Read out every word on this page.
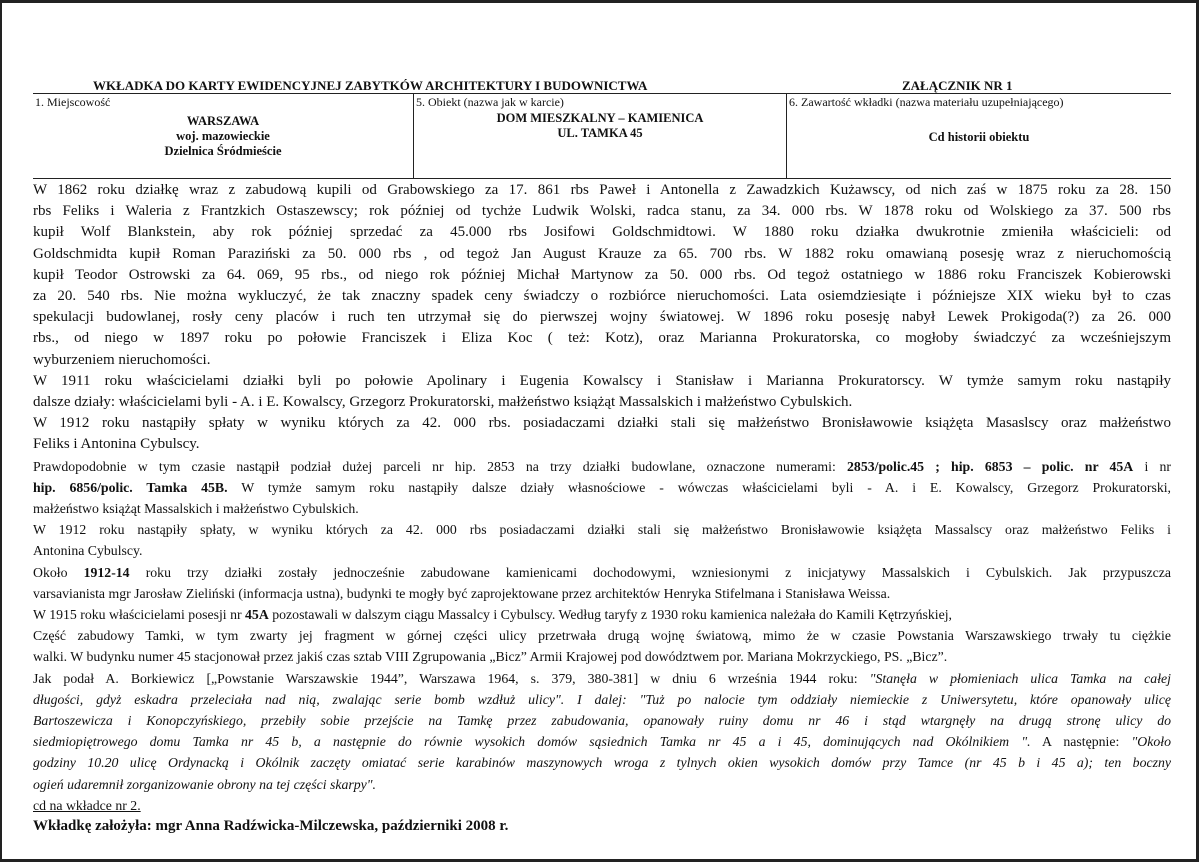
WKŁADKA DO KARTY EWIDENCYJNEJ ZABYTKÓW ARCHITEKTURY I BUDOWNICTWA	ZAŁĄCZNIK NR 1
1. Miejscowość
WARSZAWA
woj. mazowieckie
Dzielnica Śródmieście
5. Obiekt (nazwa jak w karcie)
DOM MIESZKALNY – KAMIENICA
UL. TAMKA 45
6. Zawartość wkładki (nazwa materiału uzupełniającego)
Cd historii obiektu
W 1862 roku działkę wraz z zabudową kupili od Grabowskiego za 17. 861 rbs Paweł i Antonella z Zawadzkich Kużawscy, od nich zaś w 1875 roku za 28. 150
rbs Feliks i Waleria z Frantzkich Ostaszewscy; rok później od tychże Ludwik Wolski, radca stanu, za 34. 000 rbs. W 1878 roku od Wolskiego za 37. 500 rbs
kupił Wolf Blankstein, aby rok później sprzedać za 45.000 rbs Josifowi Goldschmidtowi. W 1880 roku działka dwukrotnie zmieniła właścicieli: od
Goldschmidta kupił Roman Paraziński za 50. 000 rbs , od tegoż Jan August Krauze za 65. 700 rbs. W 1882 roku omawianą posesję wraz z nieruchomością
kupił Teodor Ostrowski za 64. 069, 95 rbs., od niego rok później Michał Martynow za 50. 000 rbs. Od tegoż ostatniego w 1886 roku Franciszek Kobierowski
za 20. 540 rbs. Nie można wykluczyć, że tak znaczny spadek ceny świadczy o rozbiórce nieruchomości. Lata osiemdziesiąte i późniejsze XIX wieku był to czas
spekulacji budowlanej, rosły ceny placów i ruch ten utrzymał się do pierwszej wojny światowej. W 1896 roku posesję nabył Lewek Prokigoda(?) za 26. 000
rbs., od niego w 1897 roku po połowie Franciszek i Eliza Koc ( też: Kotz), oraz Marianna Prokuratorska, co mogłoby świadczyć za wcześniejszym
wyburzeniem nieruchomości.
W 1911 roku właścicielami działki byli po połowie Apolinary i Eugenia Kowalscy i Stanisław i Marianna Prokuratorscy. W tymże samym roku nastąpiły
dalsze działy: właścicielami byli - A. i E. Kowalscy, Grzegorz Prokuratorski, małżeństwo książąt Massalskich i małżeństwo Cybulskich.
W 1912 roku nastąpiły spłaty w wyniku których za 42. 000 rbs. posiadaczami działki stali się małżeństwo Bronisławowie książęta Masaslscy oraz małżeństwo
Feliks i Antonina Cybulscy.
Prawdopodobnie w tym czasie nastąpił podział dużej parceli nr hip. 2853 na trzy działki budowlane, oznaczone numerami: 2853/polic.45 ; hip. 6853 – polic. nr 45A i nr
hip. 6856/polic. Tamka 45B. W tymże samym roku nastąpiły dalsze działy własnościowe - wówczas właścicielami byli - A. i E. Kowalscy, Grzegorz Prokuratorski,
małżeństwo książąt Massalskich i małżeństwo Cybulskich.
W 1912 roku nastąpiły spłaty, w wyniku których za 42. 000 rbs posiadaczami działki stali się małżeństwo Bronisławowie książęta Massalscy oraz małżeństwo Feliks i
Antonina Cybulscy.
Około 1912-14 roku trzy działki zostały jednocześnie zabudowane kamienicami dochodowymi, wzniesionymi z inicjatywy Massalskich i Cybulskich. Jak przypuszcza
varsavianista mgr Jarosław Zieliński (informacja ustna), budynki te mogły być zaprojektowane przez architektów Henryka Stifelmana i Stanisława Weissa.
W 1915 roku właścicielami posesji nr 45A pozostawali w dalszym ciągu Massalcy i Cybulscy. Według taryfy z 1930 roku kamienica należała do Kamili Kętrzyńskiej,
Część zabudowy Tamki, w tym zwarty jej fragment w górnej części ulicy przetrwała drugą wojnę światową, mimo że w czasie Powstania Warszawskiego trwały tu ciężkie
walki. W budynku numer 45 stacjonował przez jakiś czas sztab VIII Zgrupowania „Bicz” Armii Krajowej pod dowództwem por. Mariana Mokrzyckiego, PS. „Bicz”.
Jak podał A. Borkiewicz [„Powstanie Warszawskie 1944”, Warszawa 1964, s. 379, 380-381] w dniu 6 września 1944 roku: "Stanęła w płomieniach ulica Tamka na całej
długości, gdyż eskadra przeleciała nad nią, zwalając serie bomb wzdłuż ulicy". I dalej: "Tuż po nalocie tym oddziały niemieckie z Uniwersytetu, które opanowały ulicę
Bartoszewicza i Konopczyńskiego, przebiły sobie przejście na Tamkę przez zabudowania, opanowały ruiny domu nr 46 i stąd wtargnęły na drugą stronę ulicy do
siedmiopiętrowego domu Tamka nr 45 b, a następnie do równie wysokich domów sąsiednich Tamka nr 45 a i 45, dominujących nad Okólnikiem ". A następnie: "Około
godziny 10.20 ulicę Ordynacką i Okólnik zaczęty omiatać serie karabinów maszynowych wroga z tylnych okien wysokich domów przy Tamce (nr 45 b i 45 a); ten boczny
ogień udaremnił zorganizowanie obrony na tej części skarpy".
cd na wkładce nr 2.
Wkładkę założyła: mgr Anna Radźwicka-Milczewska, październiki 2008 r.
